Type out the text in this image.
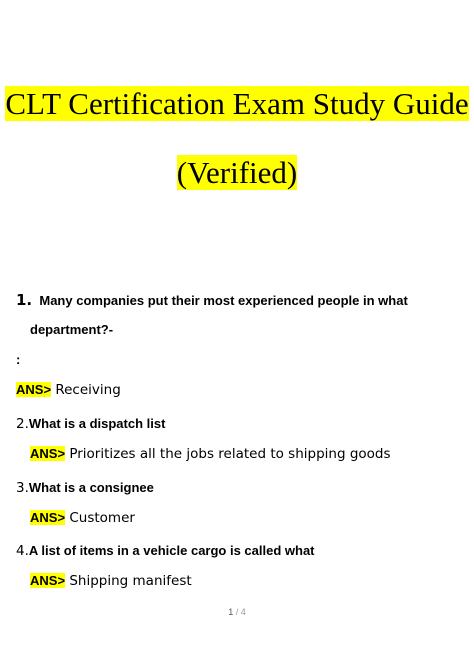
CLT Certification Exam Study Guide
(Verified)
1. Many companies put their most experienced people in what
department?-
:
ANS> Receiving
2.What is a dispatch list
ANS> Prioritizes all the jobs related to shipping goods
3.What is a consignee
ANS> Customer
4.A list of items in a vehicle cargo is called what
ANS> Shipping manifest
1 / 4
